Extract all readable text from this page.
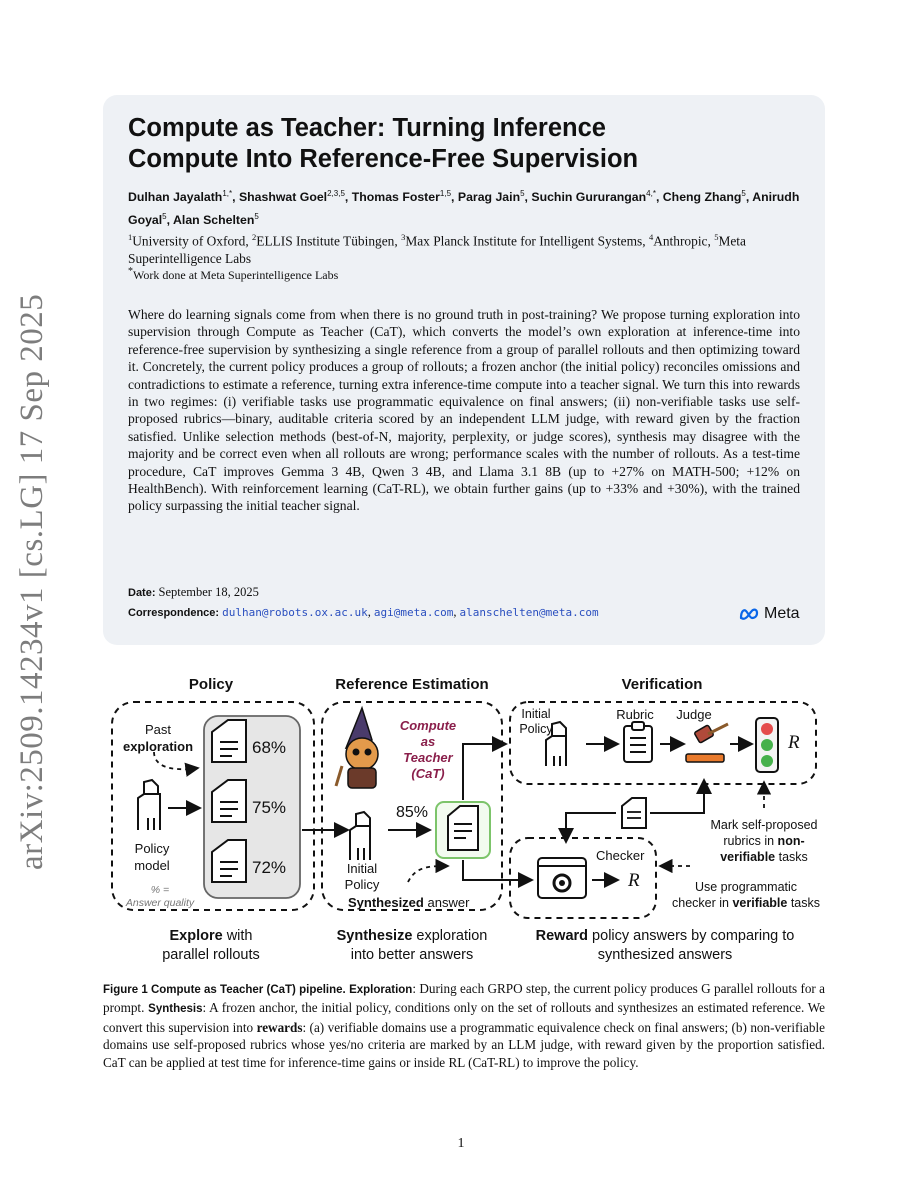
arXiv:2509.14234v1 [cs.LG] 17 Sep 2025
Compute as Teacher: Turning Inference
Compute Into Reference-Free Supervision
Dulhan Jayalath$^{1,*}$, Shashwat Goel$^{2,3,5}$, Thomas Foster$^{1,5}$, Parag Jain$^5$, Suchin Gururangan$^{4,*}$, Cheng Zhang$^5$, Anirudh Goyal$^5$, Alan Schelten$^5$
$^1$University of Oxford, $^2$ELLIS Institute Tübingen, $^3$Max Planck Institute for Intelligent Systems, $^4$Anthropic, $^5$Meta Superintelligence Labs
*Work done at Meta Superintelligence Labs
Where do learning signals come from when there is no ground truth in post-training? We propose turning exploration into supervision through Compute as Teacher (CaT), which converts the model’s own exploration at inference-time into reference-free supervision by synthesizing a single reference from a group of parallel rollouts and then optimizing toward it. Concretely, the current policy produces a group of rollouts; a frozen anchor (the initial policy) reconciles omissions and contradictions to estimate a reference, turning extra inference-time compute into a teacher signal. We turn this into rewards in two regimes: (i) verifiable tasks use programmatic equivalence on final answers; (ii) non-verifiable tasks use self-proposed rubrics—binary, auditable criteria scored by an independent LLM judge, with reward given by the fraction satisfied. Unlike selection methods (best-of-N, majority, perplexity, or judge scores), synthesis may disagree with the majority and be correct even when all rollouts are wrong; performance scales with the number of rollouts. As a test-time procedure, CaT improves Gemma 3 4B, Qwen 3 4B, and Llama 3.1 8B (up to +27% on MATH-500; +12% on HealthBench). With reinforcement learning (CaT-RL), we obtain further gains (up to +33% and +30%), with the trained policy surpassing the initial teacher signal.
Date: September 18, 2025
Correspondence: dulhan@robots.ox.ac.uk, agi@meta.com, alanschelten@meta.com	Meta
Policy	Reference Estimation	Verification
Past
exploration
Policy
model
% =
Answer quality
68%
75%
72%
Compute
as
Teacher
(CaT)
85%
Initial
Policy
Synthesized answer
Initial
Policy
Rubric Judge
R
Checker
R
Mark self-proposed
rubrics in non-
verifiable tasks
Use programmatic
checker in verifiable tasks
Explore with
parallel rollouts
Synthesize exploration
into better answers
Reward policy answers by comparing to
synthesized answers
Figure 1 Compute as Teacher (CaT) pipeline. Exploration: During each GRPO step, the current policy produces G parallel rollouts for a prompt. Synthesis: A frozen anchor, the initial policy, conditions only on the set of rollouts and synthesizes an estimated reference. We convert this supervision into rewards: (a) verifiable domains use a programmatic equivalence check on final answers; (b) non-verifiable domains use self-proposed rubrics whose yes/no criteria are marked by an LLM judge, with reward given by the proportion satisfied. CaT can be applied at test time for inference-time gains or inside RL (CaT-RL) to improve the policy.
1
